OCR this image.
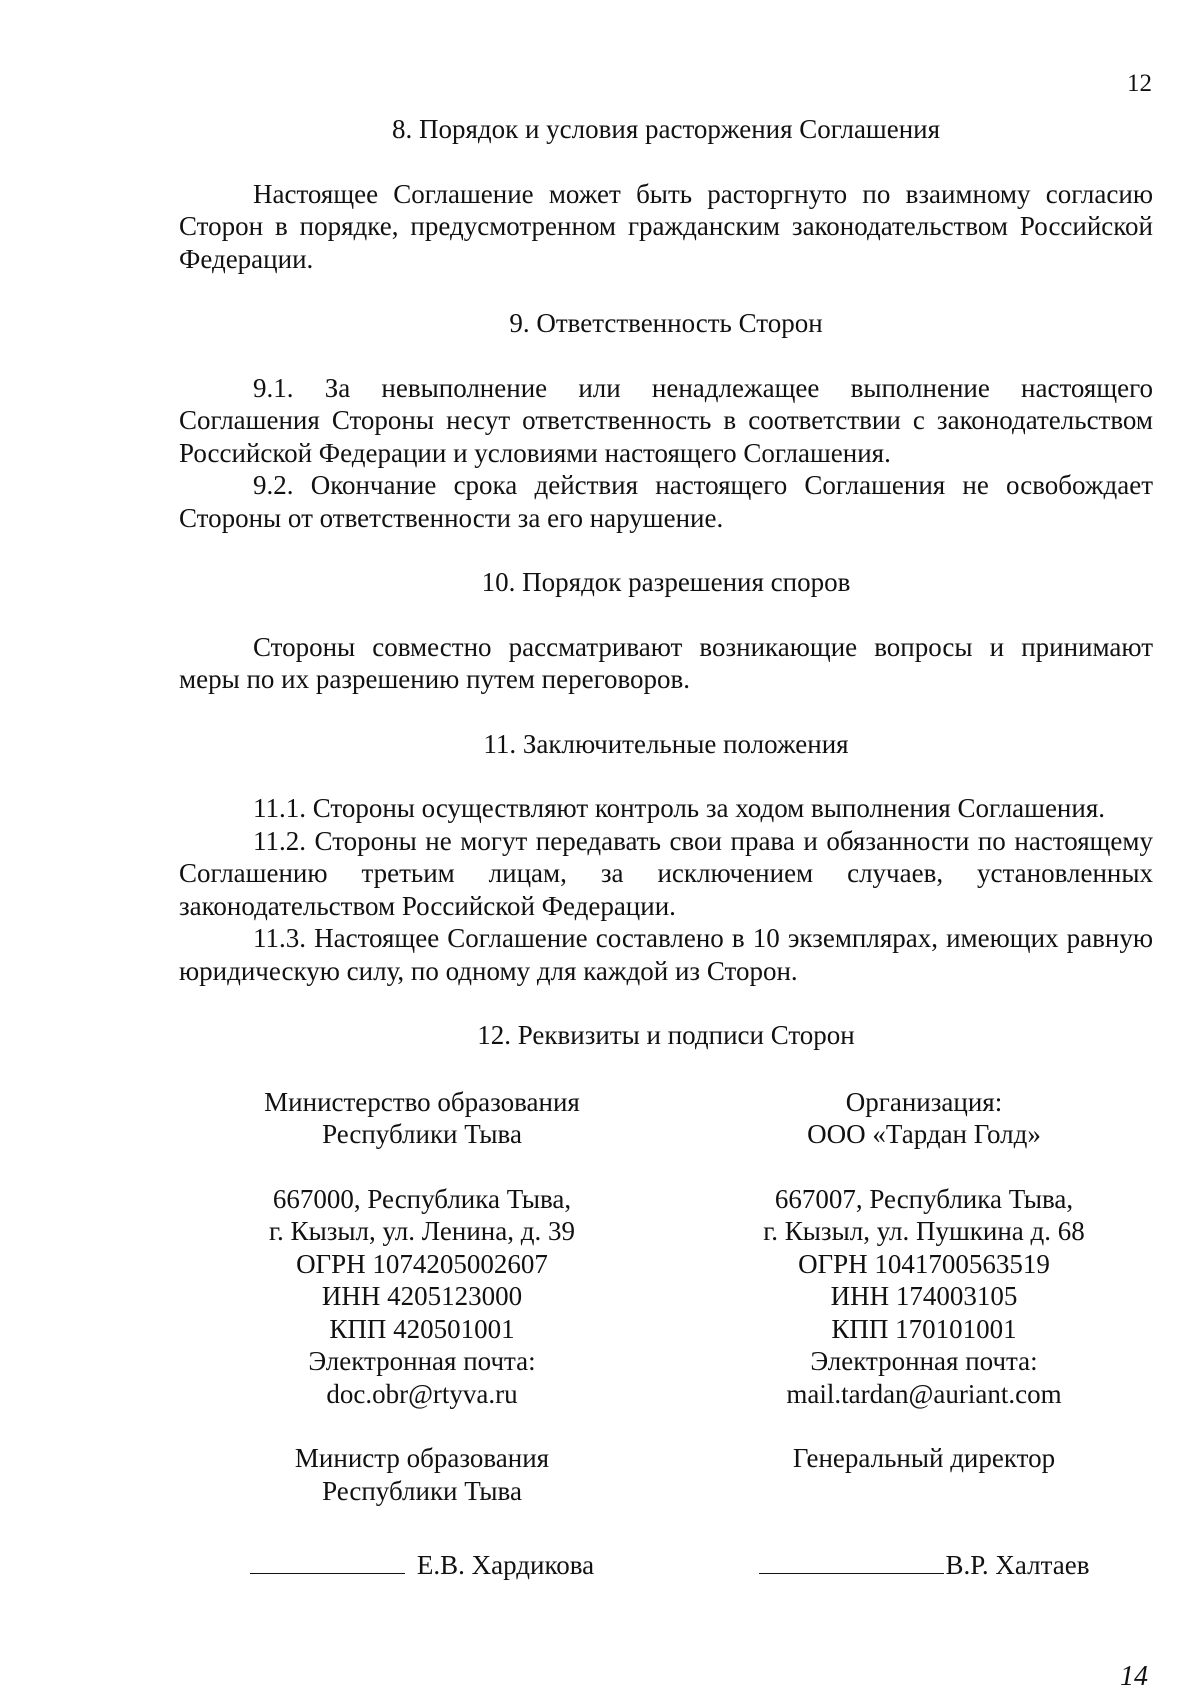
12

8. Порядок и условия расторжения Соглашения

Настоящее Соглашение может быть расторгнуто по взаимному согласию Сторон в порядке, предусмотренном гражданским законодательством Российской Федерации.

9. Ответственность Сторон

9.1. За невыполнение или ненадлежащее выполнение настоящего Соглашения Стороны несут ответственность в соответствии с законодательством Российской Федерации и условиями настоящего Соглашения.

9.2. Окончание срока действия настоящего Соглашения не освобождает Стороны от ответственности за его нарушение.

10. Порядок разрешения споров

Стороны совместно рассматривают возникающие вопросы и принимают меры по их разрешению путем переговоров.

11. Заключительные положения

11.1. Стороны осуществляют контроль за ходом выполнения Соглашения.

11.2. Стороны не могут передавать свои права и обязанности по настоящему Соглашению третьим лицам, за исключением случаев, установленных законодательством Российской Федерации.

11.3. Настоящее Соглашение составлено в 10 экземплярах, имеющих равную юридическую силу, по одному для каждой из Сторон.

12. Реквизиты и подписи Сторон

Министерство образования
Республики Тыва
667000, Республика Тыва,
г. Кызыл, ул. Ленина, д. 39
ОГРН 1074205002607
ИНН 4205123000
КПП 420501001
Электронная почта:
doc.obr@rtyva.ru
Министр образования
Республики Тыва
Е.В. Хардикова
Организация:
ООО «Тардан Голд»
667007, Республика Тыва,
г. Кызыл, ул. Пушкина д. 68
ОГРН 1041700563519
ИНН 174003105
КПП 170101001
Электронная почта:
mail.tardan@auriant.com
Генеральный директор
В.Р. Халтаев
14
